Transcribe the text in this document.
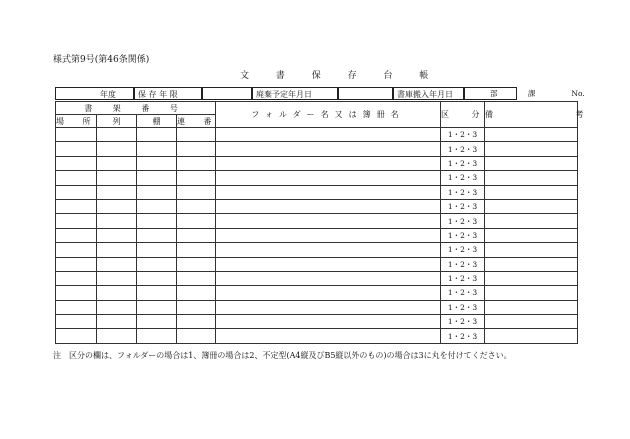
様式第9号(第46条関係)
文 書 保 存 台 帳
年度	保 存 年 限	廃棄予定年月日	書庫搬入年月日	部 課	No.
書 架 番 号				フォルダー名又は簿冊名	区 分	備 考
場 所	列	棚	連 番			
					1・2・3	
					1・2・3	
					1・2・3	
					1・2・3	
					1・2・3	
					1・2・3	
					1・2・3	
					1・2・3	
					1・2・3	
					1・2・3	
					1・2・3	
					1・2・3	
					1・2・3	
					1・2・3	
					1・2・3	
注　区分の欄は、フォルダーの場合は1、簿冊の場合は2、不定型(A4縦及びB5縦以外のもの)の場合は3に丸を付けてください。
